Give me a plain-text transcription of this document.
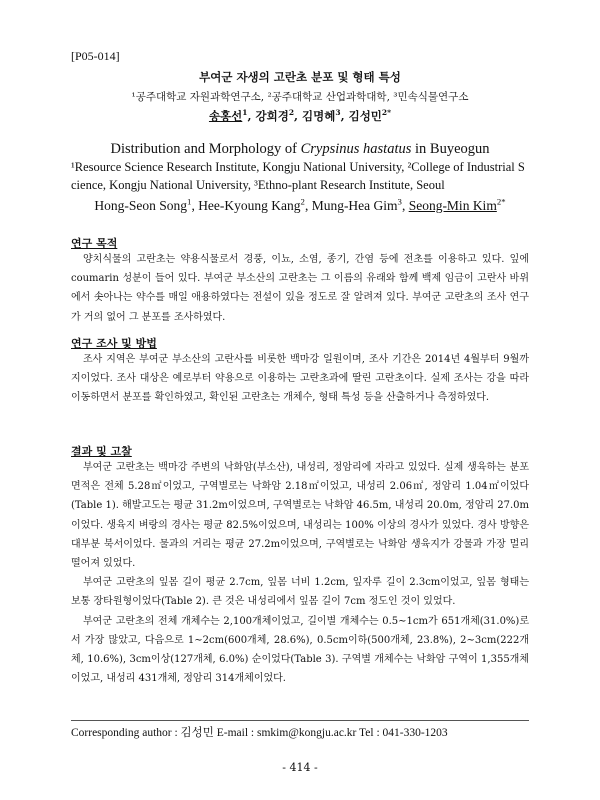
[P05-014]
부여군 자생의 고란초 분포 및 형태 특성
¹공주대학교 자원과학연구소, ²공주대학교 산업과학대학, ³민속식물연구소
송홍선$^1$, 강희경$^2$, 김명혜$^3$, 김성민$^{2*}$
Distribution and Morphology of Crypsinus hastatus in Buyeogun
¹Resource Science Research Institute, Kongju National University, ²College of Industrial Science, Kongju National University, ³Ethno-plant Research Institute, Seoul
Hong-Seon Song$^1$, Hee-Kyoung Kang$^2$, Mung-Hea Gim$^3$, Seong-Min Kim$^{2*}$
연구 목적

양치식물의 고란초는 약용식물로서 경풍, 이뇨, 소염, 종기, 간염 등에 전초를 이용하고 있다. 잎에 coumarin 성분이 들어 있다. 부여군 부소산의 고란초는 그 이름의 유래와 함께 백제 임금이 고란사 바위에서 솟아나는 약수를 매일 애용하였다는 전설이 있을 정도로 잘 알려져 있다. 부여군 고란초의 조사 연구가 거의 없어 그 분포를 조사하였다.

연구 조사 및 방법

조사 지역은 부여군 부소산의 고란사를 비롯한 백마강 일원이며, 조사 기간은 2014년 4월부터 9월까지이었다. 조사 대상은 예로부터 약용으로 이용하는 고란초과에 딸린 고란초이다. 실제 조사는 강을 따라 이동하면서 분포를 확인하였고, 확인된 고란초는 개체수, 형태 특성 등을 산출하거나 측정하였다.

결과 및 고찰

부여군 고란초는 백마강 주변의 낙화암(부소산), 내성리, 정암리에 자라고 있었다. 실제 생육하는 분포 면적은 전체 5.28㎡이었고, 구역별로는 낙화암 2.18㎡이었고, 내성리 2.06㎡, 정암리 1.04㎡이었다(Table 1). 해발고도는 평균 31.2m이었으며, 구역별로는 낙화암 46.5m, 내성리 20.0m, 정암리 27.0m이었다. 생육지 벼랑의 경사는 평균 82.5%이었으며, 내성리는 100% 이상의 경사가 있었다. 경사 방향은 대부분 북서이었다. 물과의 거리는 평균 27.2m이었으며, 구역별로는 낙화암 생육지가 강물과 가장 멀리 떨어져 있었다.

부여군 고란초의 잎몸 길이 평균 2.7cm, 잎몸 너비 1.2cm, 잎자루 길이 2.3cm이었고, 잎몸 형태는 보통 장타원형이었다(Table 2). 큰 것은 내성리에서 잎몸 길이 7cm 정도인 것이 있었다.

부여군 고란초의 전체 개체수는 2,100개체이었고, 길이별 개체수는 0.5∼1cm가 651개체(31.0%)로서 가장 많았고, 다음으로 1∼2cm(600개체, 28.6%), 0.5cm이하(500개체, 23.8%), 2∼3cm(222개체, 10.6%), 3cm이상(127개체, 6.0%) 순이었다(Table 3). 구역별 개체수는 낙화암 구역이 1,355개체이었고, 내성리 431개체, 정암리 314개체이었다.

Corresponding author : 김성민 E-mail : smkim@kongju.ac.kr Tel : 041-330-1203
- 414 -
